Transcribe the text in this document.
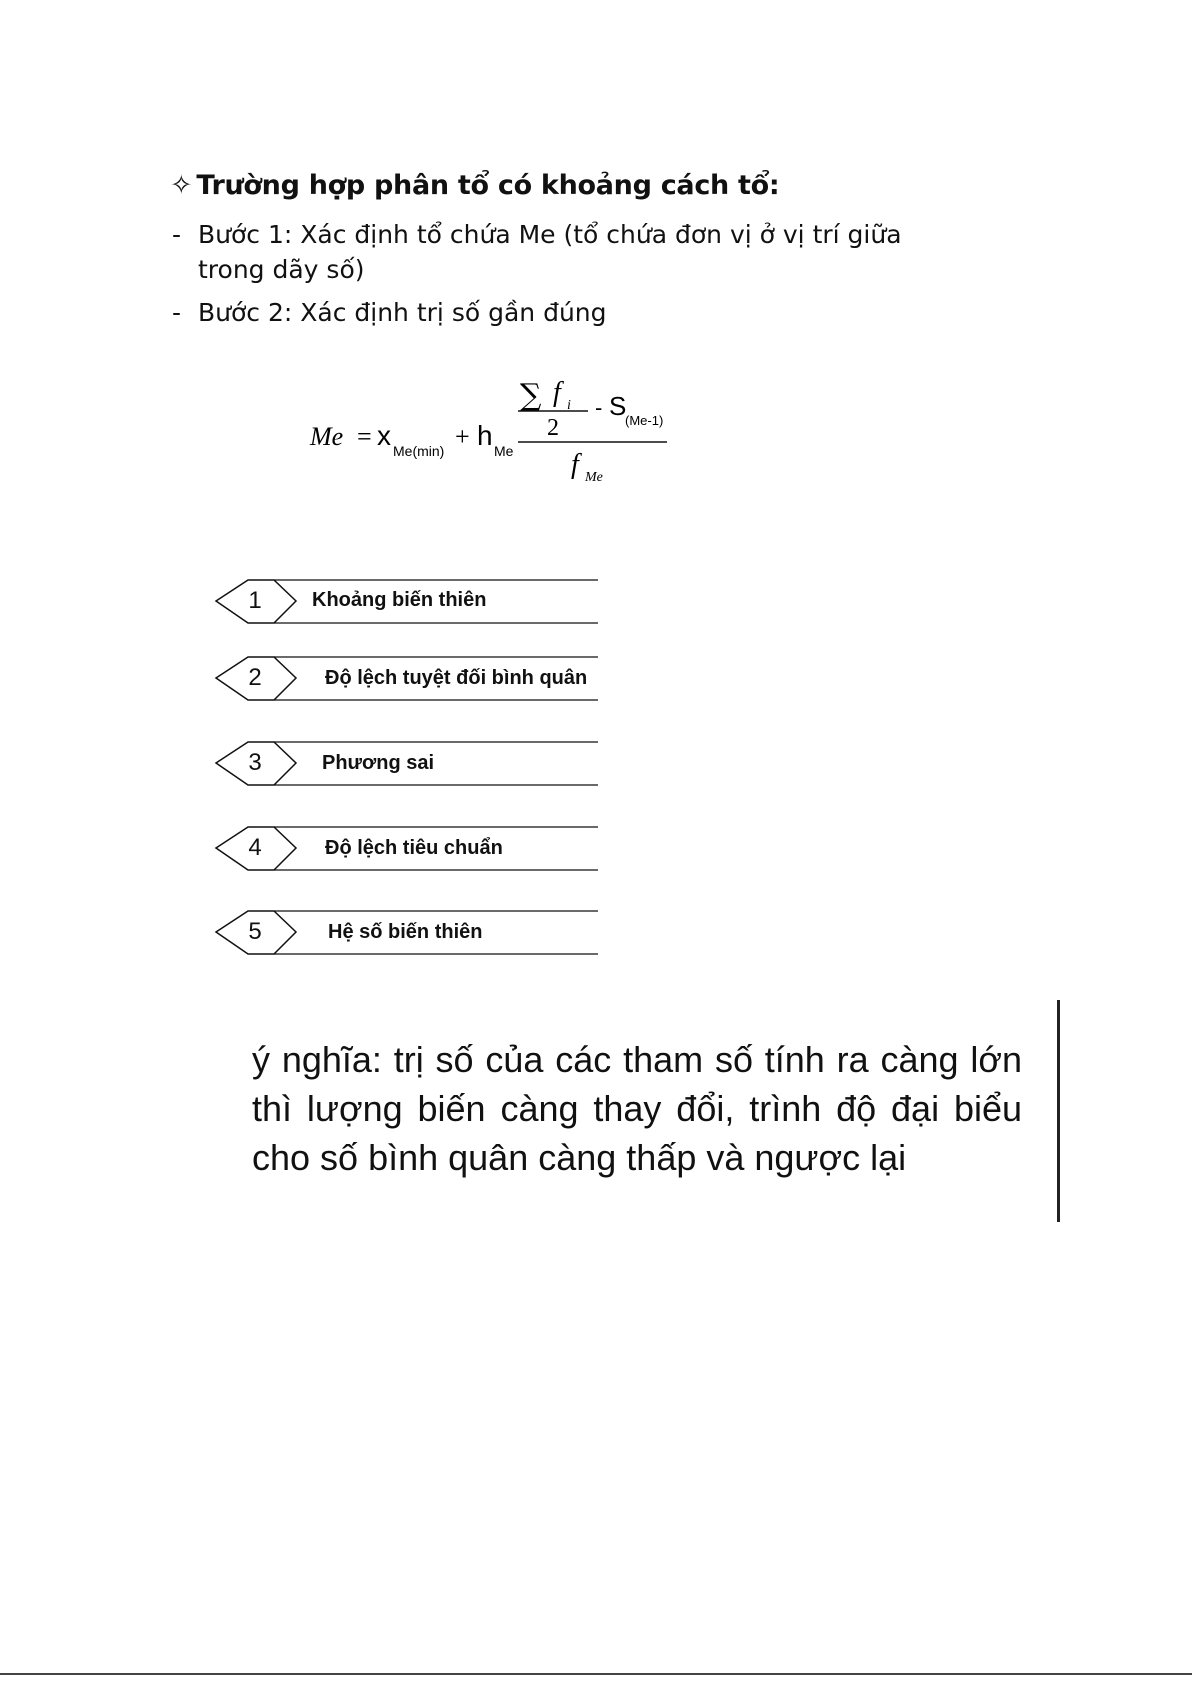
✧ Trường hợp phân tổ có khoảng cách tổ:
- Bước 1: Xác định tổ chứa Me (tổ chứa đơn vị ở vị trí giữa trong dãy số)
- Bước 2: Xác định trị số gần đúng
Me = x Me(min) + h Me
∑ f i
2
- S
(Me-1)
f Me
1	Khoảng biến thiên
2	Độ lệch tuyệt đối bình quân
3	Phương sai
4	Độ lệch tiêu chuẩn
5	Hệ số biến thiên
ý nghĩa: trị số của các tham số tính ra càng lớn thì lượng biến càng thay đổi, trình độ đại biểu cho số bình quân càng thấp và ngược lại
